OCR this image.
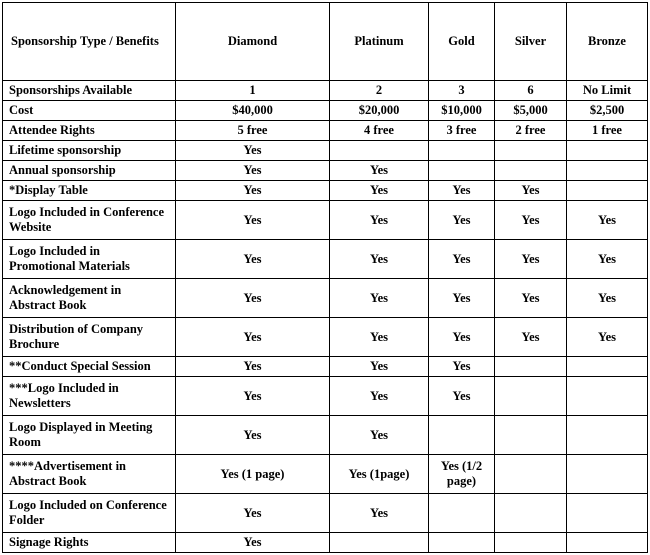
Sponsorship Type / Benefits	Diamond	Platinum	Gold	Silver	Bronze
Sponsorships Available	1	2	3	6	No Limit
Cost	$40,000	$20,000	$10,000	$5,000	$2,500
Attendee Rights	5 free	4 free	3 free	2 free	1 free
Lifetime sponsorship	Yes				
Annual sponsorship	Yes	Yes			
*Display Table	Yes	Yes	Yes	Yes	
Logo Included in Conference Website	Yes	Yes	Yes	Yes	Yes
Logo Included in Promotional Materials	Yes	Yes	Yes	Yes	Yes
Acknowledgement in Abstract Book	Yes	Yes	Yes	Yes	Yes
Distribution of Company Brochure	Yes	Yes	Yes	Yes	Yes
**Conduct Special Session	Yes	Yes	Yes		
***Logo Included in Newsletters	Yes	Yes	Yes		
Logo Displayed in Meeting Room	Yes	Yes			
****Advertisement in Abstract Book	Yes (1 page)	Yes (1page)	Yes (1/2 page)		
Logo Included on Conference Folder	Yes	Yes			
Signage Rights	Yes				
